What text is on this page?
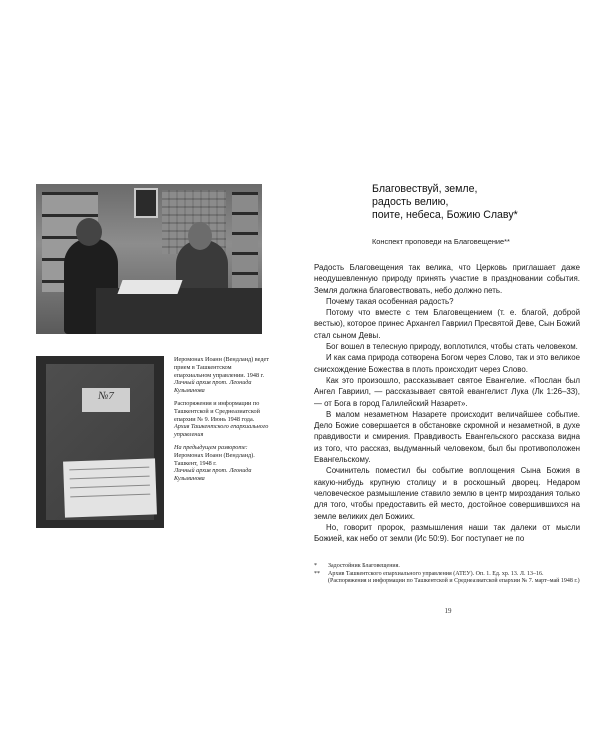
№7

Иеромонах Иоанн (Вендланд) ведет прием в Ташкентском епархиальном управлении. 1948 г.
Личный архив прот. Леонида Кузьминова

Распоряжения и информации по Ташкентской и Среднеазиатской епархии № 9. Июнь 1948 года.
Архив Ташкентского епархиального управления

На предыдущем развороте:
Иеромонах Иоанн (Вендланд). Ташкент, 1948 г.
Личный архив прот. Леонида Кузьминова

Благовествуй, земле,
радость велию,
поите, небеса, Божию Славу*
Конспект проповеди на Благовещение**

Радость Благовещения так велика, что Церковь приглашает даже неодушевленную природу принять участие в праздновании события. Земля должна благовествовать, небо должно петь.

Почему такая особенная радость?

Потому что вместе с тем Благовещением (т. е. благой, доброй вестью), которое принес Архангел Гавриил Пресвятой Деве, Сын Божий стал сыном Девы.

Бог вошел в телесную природу, воплотился, чтобы стать человеком.

И как сама природа сотворена Богом через Слово, так и это великое снисхождение Божества в плоть происходит через Слово.

Как это произошло, рассказывает святое Евангелие. «Послан был Ангел Гавриил, — рассказывает святой евангелист Лука (Лк 1:26–33), — от Бога в город Галилейский Назарет».

В малом незаметном Назарете происходит величайшее событие. Дело Божие совершается в обстановке скромной и незаметной, в духе правдивости и смирения. Правдивость Евангельского рассказа видна из того, что рассказ, выдуманный человеком, был бы противоположен Евангельскому.

Сочинитель поместил бы событие воплощения Сына Божия в какую-нибудь крупную столицу и в роскошный дворец. Недаром человеческое размышление ставило землю в центр мироздания только для того, чтобы предоставить ей место, достойное совершившихся на земле великих дел Божиих.

Но, говорит пророк, размышления наши так далеки от мысли Божией, как небо от земли (Ис 50:9). Бог поступает не по

*	Задостойник Благовещения.
**	Архив Ташкентского епархиального управления (АТЕУ). Оп. 1. Ед. хр. 13. Л. 13–16. (Распоряжения и информации по Ташкентской и Среднеазиатской епархии № 7. март–май 1948 г.)
19
